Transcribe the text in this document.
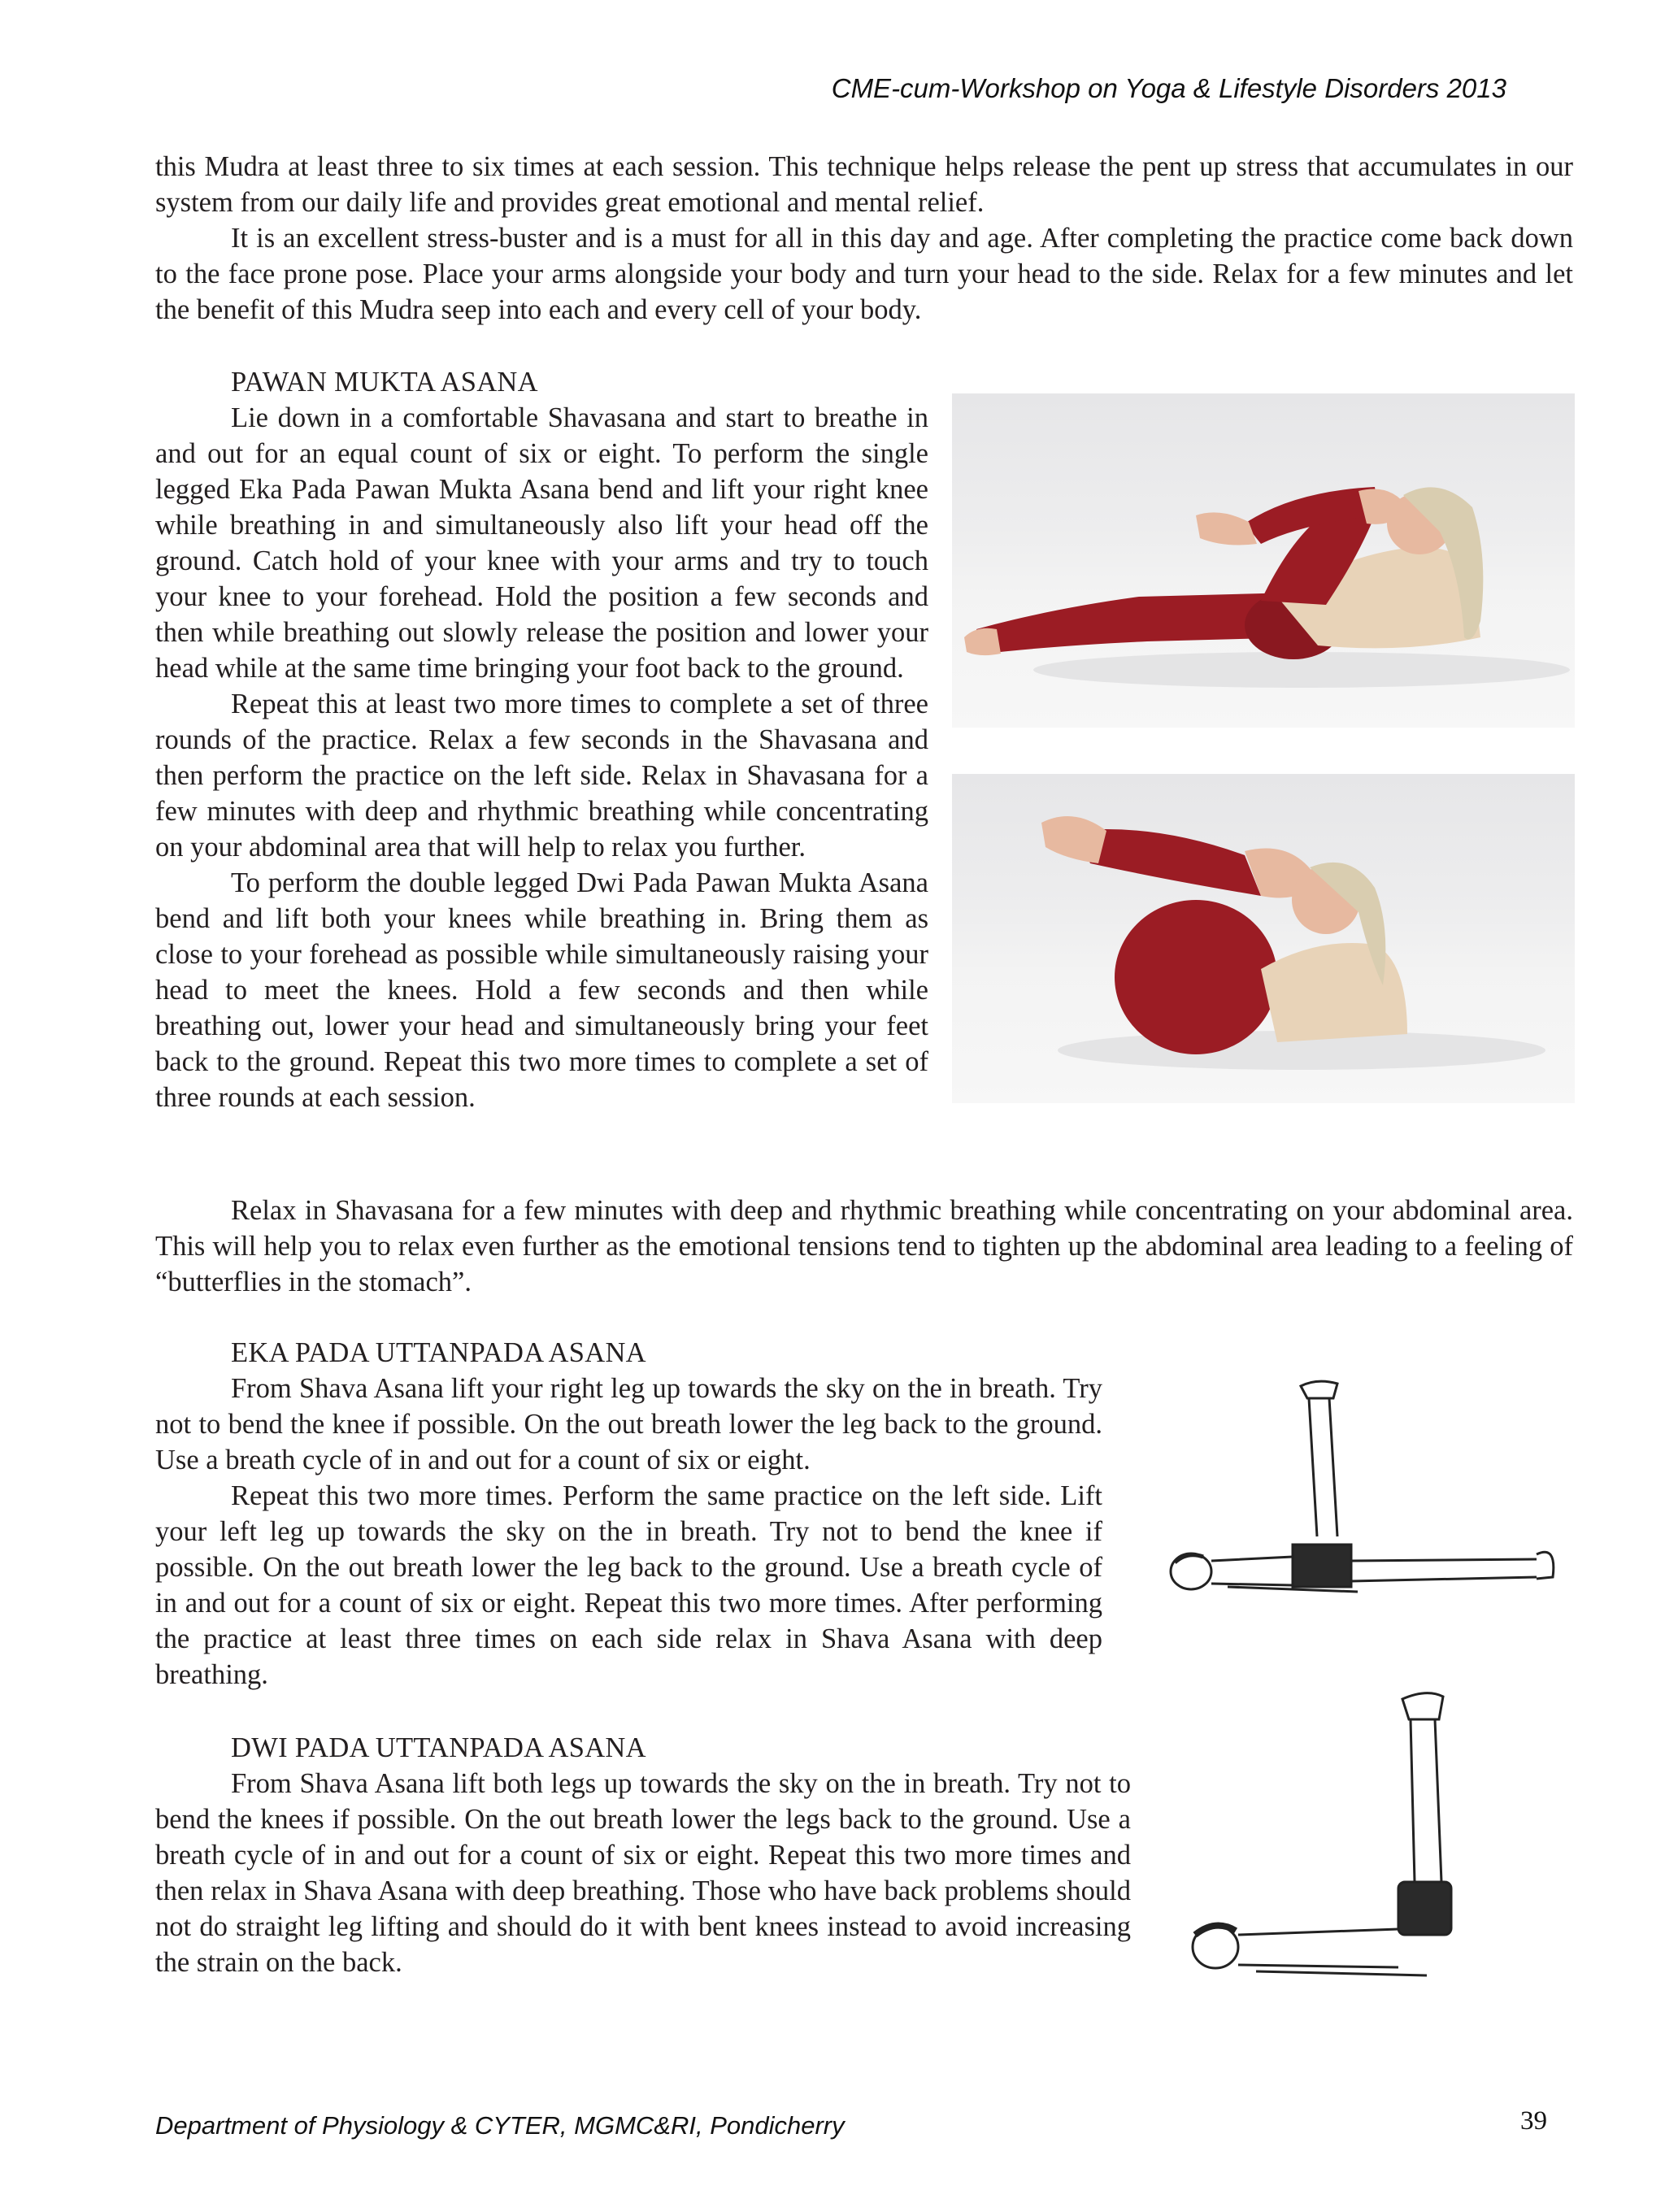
CME-cum-Workshop on Yoga & Lifestyle Disorders 2013

this Mudra at least three to six times at each session. This technique helps release the pent up stress that accumulates in our system from our daily life and provides great emotional and mental relief.

It is an excellent stress-buster and is a must for all in this day and age. After completing the practice come back down to the face prone pose. Place your arms alongside your body and turn your head to the side. Relax for a few minutes and let the benefit of this Mudra seep into each and every cell of your body.

PAWAN MUKTA ASANA

Lie down in a comfortable Shavasana and start to breathe in and out for an equal count of six or eight. To perform the single legged Eka Pada Pawan Mukta Asana bend and lift your right knee while breathing in and simultaneously also lift your head off the ground. Catch hold of your knee with your arms and try to touch your knee to your forehead. Hold the position a few seconds and then while breathing out slowly release the position and lower your head while at the same time bringing your foot back to the ground.

Repeat this at least two more times to complete a set of three rounds of the practice. Relax a few seconds in the Shavasana and then perform the practice on the left side. Relax in Shavasana for a few minutes with deep and rhythmic breathing while concentrating on your abdominal area that will help to relax you further.

To perform the double legged Dwi Pada Pawan Mukta Asana bend and lift both your knees while breathing in. Bring them as close to your forehead as possible while simultaneously raising your head to meet the knees. Hold a few seconds and then while breathing out, lower your head and simultaneously bring your feet back to the ground. Repeat this two more times to complete a set of three rounds at each session.

Relax in Shavasana for a few minutes with deep and rhythmic breathing while concentrating on your abdominal area. This will help you to relax even further as the emotional tensions tend to tighten up the abdominal area leading to a feeling of “butterflies in the stomach”.

EKA PADA UTTANPADA ASANA

From Shava Asana lift your right leg up towards the sky on the in breath. Try not to bend the knee if possible. On the out breath lower the leg back to the ground. Use a breath cycle of in and out for a count of six or eight.

Repeat this two more times. Perform the same practice on the left side. Lift your left leg up towards the sky on the in breath. Try not to bend the knee if possible. On the out breath lower the leg back to the ground. Use a breath cycle of in and out for a count of six or eight. Repeat this two more times. After performing the practice at least three times on each side relax in Shava Asana with deep breathing.

DWI PADA UTTANPADA ASANA

From Shava Asana lift both legs up towards the sky on the in breath. Try not to bend the knees if possible. On the out breath lower the legs back to the ground. Use a breath cycle of in and out for a count of six or eight. Repeat this two more times and then relax in Shava Asana with deep breathing. Those who have back problems should not do straight leg lifting and should do it with bent knees instead to avoid increasing the strain on the back.

Department of Physiology & CYTER, MGMC&RI, Pondicherry	39
